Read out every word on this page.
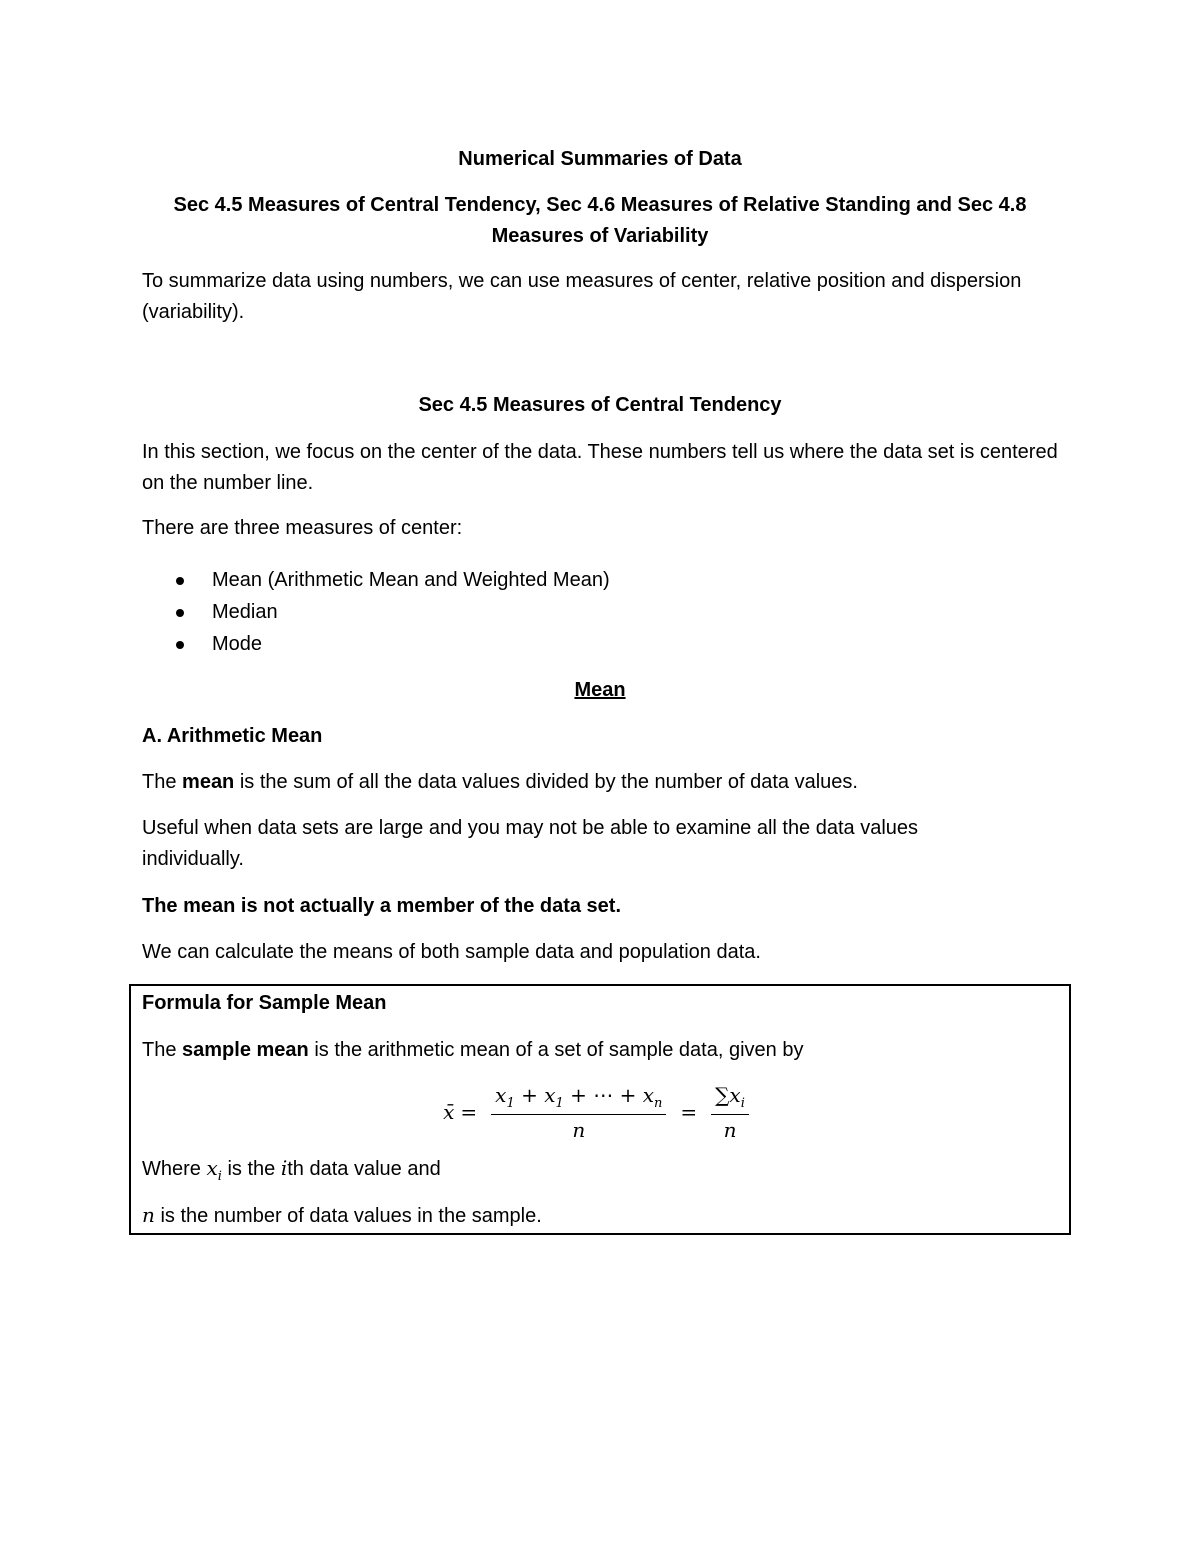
Numerical Summaries of Data

Sec 4.5 Measures of Central Tendency, Sec 4.6 Measures of Relative Standing and Sec 4.8 Measures of Variability

To summarize data using numbers, we can use measures of center, relative position and dispersion (variability).

Sec 4.5 Measures of Central Tendency

In this section, we focus on the center of the data. These numbers tell us where the data set is centered on the number line.

There are three measures of center:

Mean (Arithmetic Mean and Weighted Mean)
Median
Mode

Mean

A. Arithmetic Mean

The mean is the sum of all the data values divided by the number of data values.

Useful when data sets are large and you may not be able to examine all the data values individually.

The mean is not actually a member of the data set.

We can calculate the means of both sample data and population data.

Formula for Sample Mean

The sample mean is the arithmetic mean of a set of sample data, given by

x̄ = $\frac{x_1 + x_1 + \cdots + x_n}{n} = \frac{\sum x_i}{n}$

Where $x_i$ is the ith data value and

n is the number of data values in the sample.
